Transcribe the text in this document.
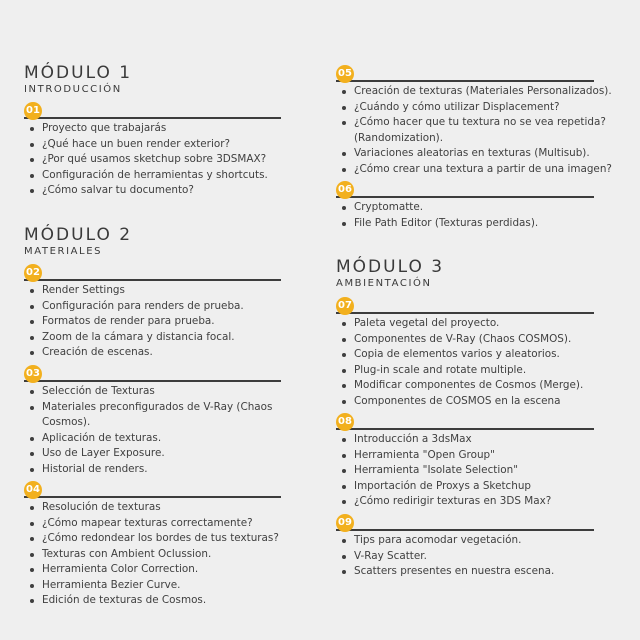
MÓDULO 1
INTRODUCCIÓN
01
Proyecto que trabajarás
¿Qué hace un buen render exterior?
¿Por qué usamos sketchup sobre 3DSMAX?
Configuración de herramientas y shortcuts.
¿Cómo salvar tu documento?
MÓDULO 2
MATERIALES
02
Render Settings
Configuración para renders de prueba.
Formatos de render para prueba.
Zoom de la cámara y distancia focal.
Creación de escenas.
03
Selección de Texturas
Materiales preconfigurados de V-Ray (Chaos Cosmos).
Aplicación de texturas.
Uso de Layer Exposure.
Historial de renders.
04
Resolución de texturas
¿Cómo mapear texturas correctamente?
¿Cómo redondear los bordes de tus texturas?
Texturas con Ambient Oclussion.
Herramienta Color Correction.
Herramienta Bezier Curve.
Edición de texturas de Cosmos.
05
Creación de texturas (Materiales Personalizados).
¿Cuándo y cómo utilizar Displacement?
¿Cómo hacer que tu textura no se vea repetida? (Randomization).
Variaciones aleatorias en texturas (Multisub).
¿Cómo crear una textura a partir de una imagen?
06
Cryptomatte.
File Path Editor (Texturas perdidas).
MÓDULO 3
AMBIENTACIÓN
07
Paleta vegetal del proyecto.
Componentes de V-Ray (Chaos COSMOS).
Copia de elementos varios y aleatorios.
Plug-in scale and rotate multiple.
Modificar componentes de Cosmos (Merge).
Componentes de COSMOS en la escena
08
Introducción a 3dsMax
Herramienta "Open Group"
Herramienta "Isolate Selection"
Importación de Proxys a Sketchup
¿Cómo redirigir texturas en 3DS Max?
09
Tips para acomodar vegetación.
V-Ray Scatter.
Scatters presentes en nuestra escena.
